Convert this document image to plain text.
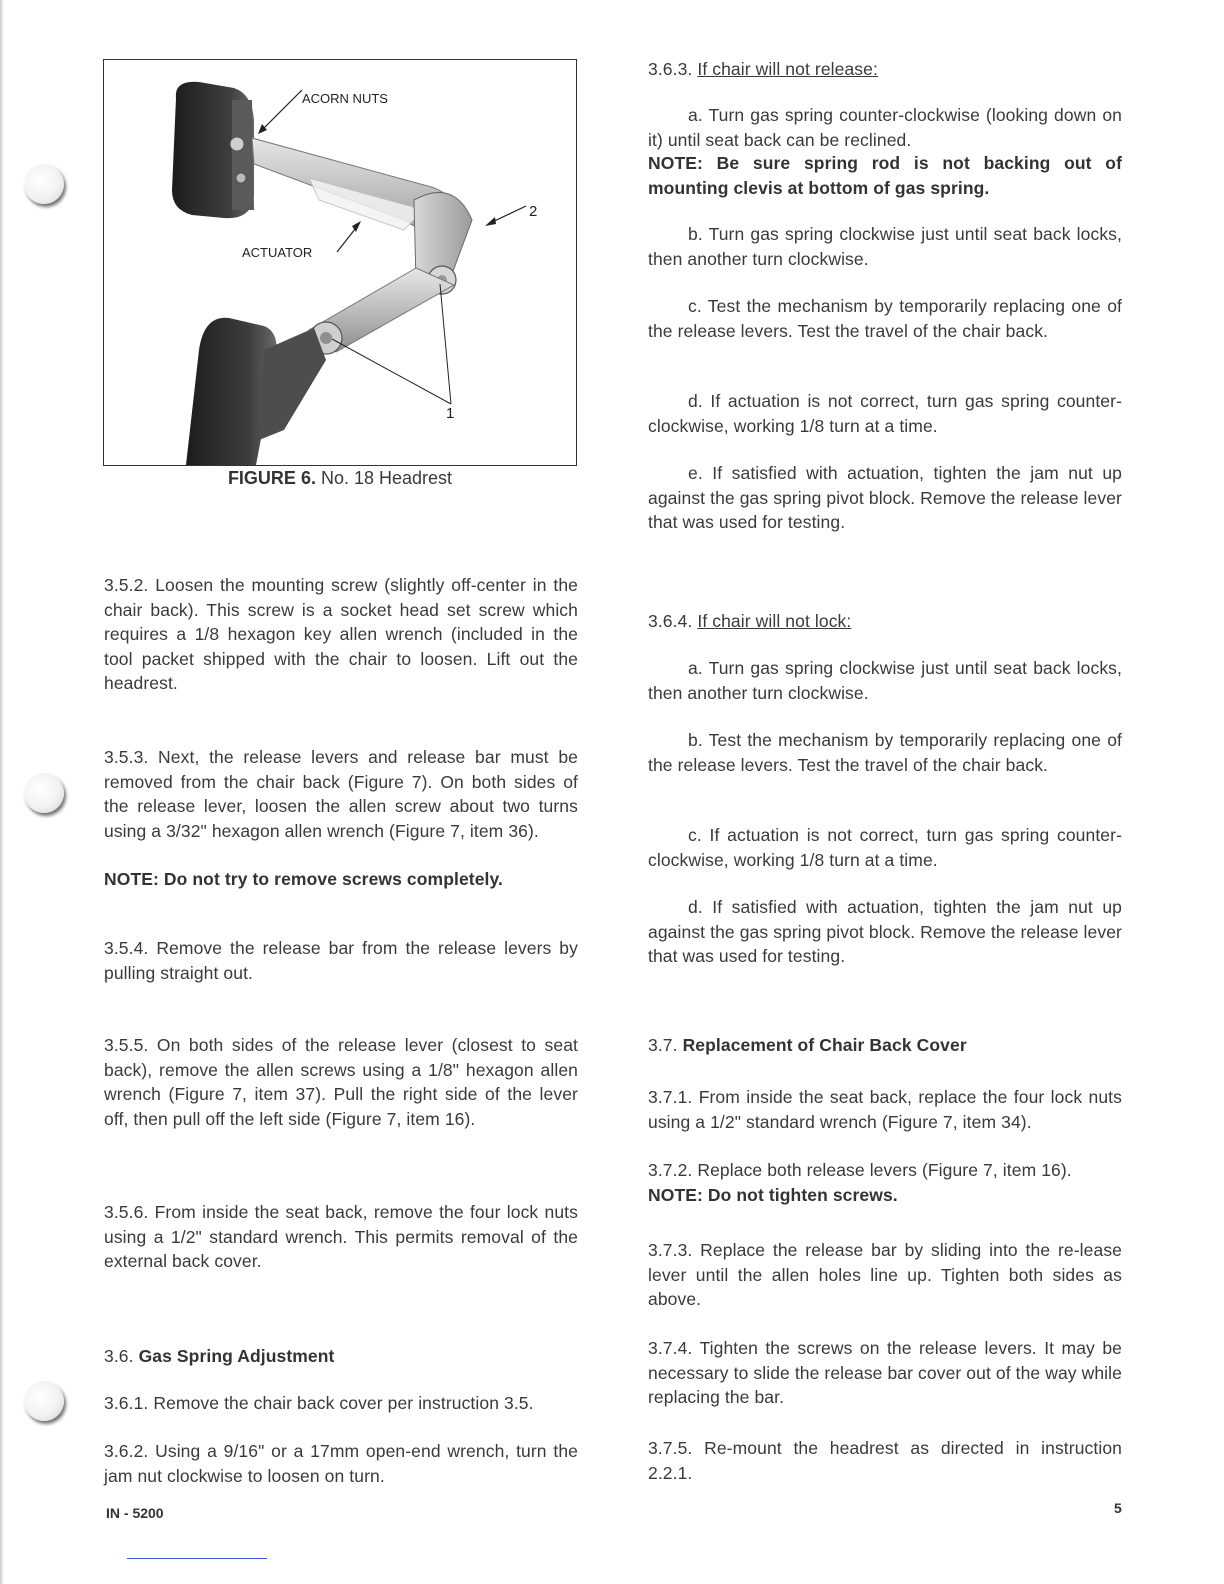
ACORN NUTS
ACTUATOR
2
1
FIGURE 6. No. 18 Headrest

3.5.2. Loosen the mounting screw (slightly off-center in the chair back). This screw is a socket head set screw which requires a 1/8 hexagon key allen wrench (included in the tool packet shipped with the chair to loosen. Lift out the headrest.

3.5.3. Next, the release levers and release bar must be removed from the chair back (Figure 7). On both sides of the release lever, loosen the allen screw about two turns using a 3/32" hexagon allen wrench (Figure 7, item 36).

NOTE: Do not try to remove screws completely.

3.5.4. Remove the release bar from the release levers by pulling straight out.

3.5.5. On both sides of the release lever (closest to seat back), remove the allen screws using a 1/8" hexagon allen wrench (Figure 7, item 37). Pull the right side of the lever off, then pull off the left side (Figure 7, item 16).

3.5.6. From inside the seat back, remove the four lock nuts using a 1/2" standard wrench. This permits removal of the external back cover.

3.6. Gas Spring Adjustment

3.6.1. Remove the chair back cover per instruction 3.5.

3.6.2. Using a 9/16" or a 17mm open-end wrench, turn the jam nut clockwise to loosen on turn.

3.6.3. If chair will not release:

a. Turn gas spring counter-clockwise (looking down on it) until seat back can be reclined.

NOTE: Be sure spring rod is not backing out of mounting clevis at bottom of gas spring.

b. Turn gas spring clockwise just until seat back locks, then another turn clockwise.

c. Test the mechanism by temporarily replacing one of the release levers. Test the travel of the chair back.

d. If actuation is not correct, turn gas spring counter-clockwise, working 1/8 turn at a time.

e. If satisfied with actuation, tighten the jam nut up against the gas spring pivot block. Remove the release lever that was used for testing.

3.6.4. If chair will not lock:

a. Turn gas spring clockwise just until seat back locks, then another turn clockwise.

b. Test the mechanism by temporarily replacing one of the release levers. Test the travel of the chair back.

c. If actuation is not correct, turn gas spring counter-clockwise, working 1/8 turn at a time.

d. If satisfied with actuation, tighten the jam nut up against the gas spring pivot block. Remove the release lever that was used for testing.

3.7. Replacement of Chair Back Cover

3.7.1. From inside the seat back, replace the four lock nuts using a 1/2" standard wrench (Figure 7, item 34).

3.7.2. Replace both release levers (Figure 7, item 16).

NOTE: Do not tighten screws.

3.7.3. Replace the release bar by sliding into the re-lease lever until the allen holes line up. Tighten both sides as above.

3.7.4. Tighten the screws on the release levers. It may be necessary to slide the release bar cover out of the way while replacing the bar.

3.7.5. Re-mount the headrest as directed in instruction 2.2.1.

IN - 5200	5
